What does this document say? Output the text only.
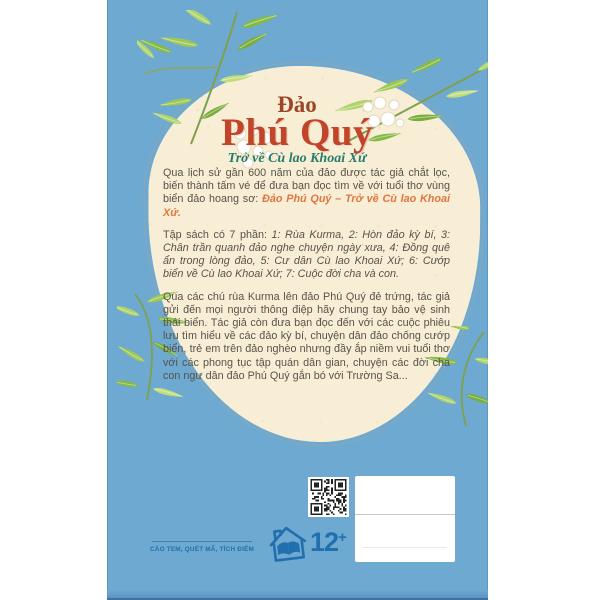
Đảo
Phú Quý
Trở về Cù lao Khoai Xứ

Qua lịch sử gần 600 năm của đảo được tác giả chắt lọc, biến thành tấm vé để đưa bạn đọc tìm về với tuổi thơ vùng biển đảo hoang sơ: Đảo Phú Quý – Trở về Cù lao Khoai Xứ.

Tập sách có 7 phần: 1: Rùa Kurma, 2: Hòn đảo kỳ bí, 3: Chân trần quanh đảo nghe chuyện ngày xưa, 4: Đồng quê ẩn trong lòng đảo, 5: Cư dân Cù lao Khoai Xứ; 6: Cướp biển về Cù lao Khoai Xứ; 7: Cuộc đời cha và con.

Qua các chú rùa Kurma lên đảo Phú Quý đẻ trứng, tác giả gửi đến mọi người thông điệp hãy chung tay bảo vệ sinh thái biển. Tác giả còn đưa bạn đọc đến với các cuộc phiêu lưu tìm hiểu về các đảo kỳ bí, chuyện dân đảo chống cướp biển, trẻ em trên đảo nghèo nhưng đầy ắp niềm vui tuổi thơ với các phong tục tập quán dân gian, chuyện các đời cha con ngư dân đảo Phú Quý gắn bó với Trường Sa...

CÀO TEM, QUÉT MÃ, TÍCH ĐIỂM	12+
